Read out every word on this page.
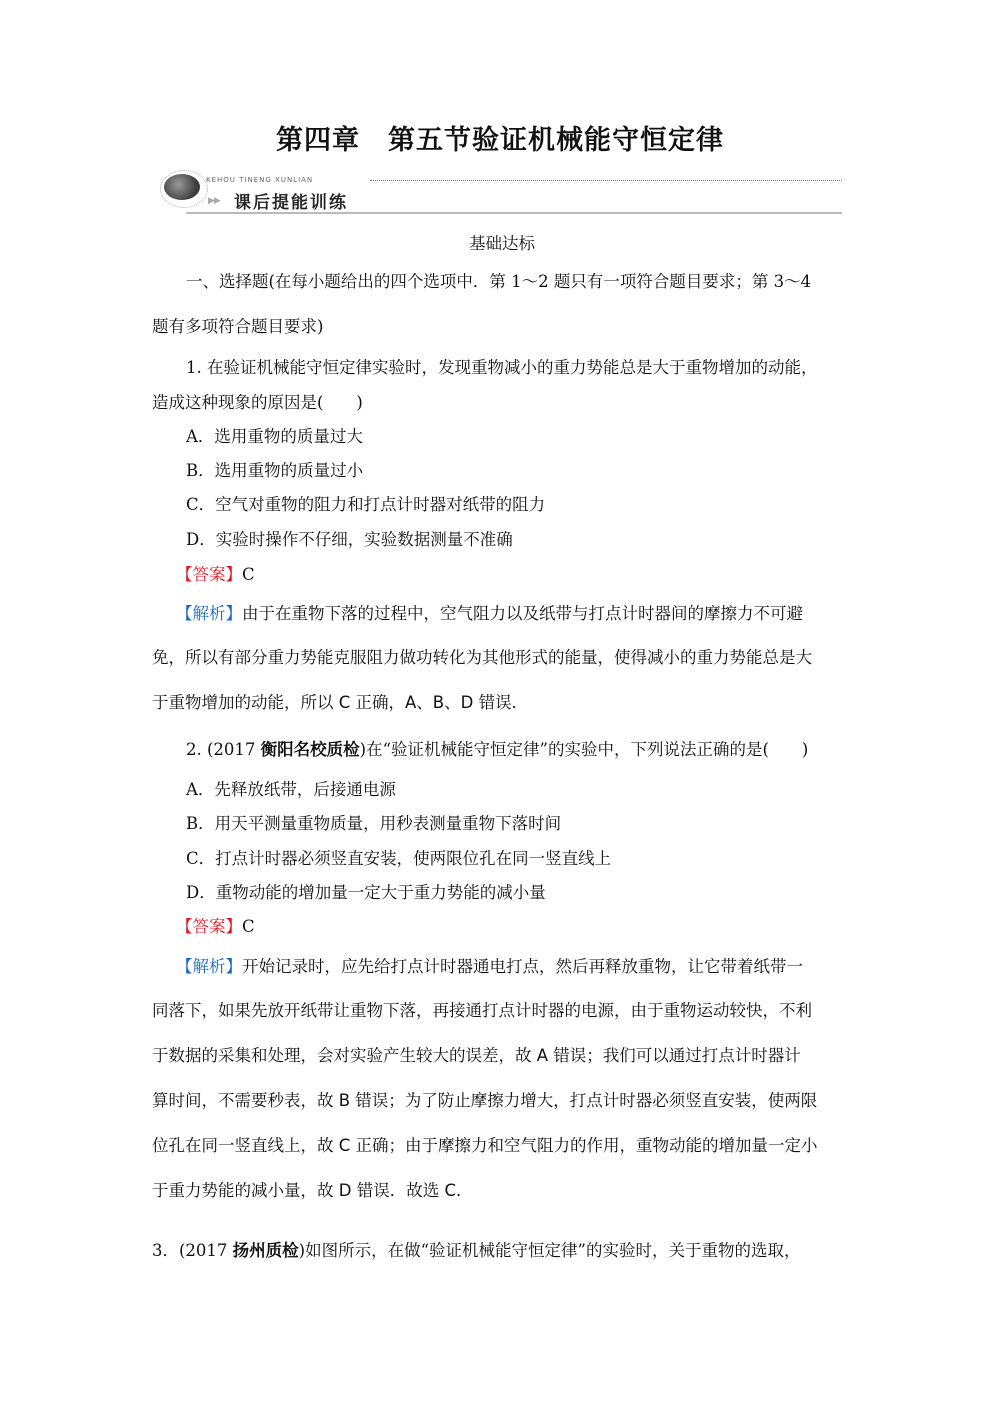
第四章　第五节验证机械能守恒定律
KEHOU TINENG XUNLIAN
▶▶ 课后提能训练
基础达标
一、选择题(在每小题给出的四个选项中．第 1～2 题只有一项符合题目要求；第 3～4
题有多项符合题目要求)
1. 在验证机械能守恒定律实验时，发现重物减小的重力势能总是大于重物增加的动能，
造成这种现象的原因是(　　)
A．选用重物的质量过大
B．选用重物的质量过小
C．空气对重物的阻力和打点计时器对纸带的阻力
D．实验时操作不仔细，实验数据测量不准确
【答案】C
【解析】由于在重物下落的过程中，空气阻力以及纸带与打点计时器间的摩擦力不可避
免，所以有部分重力势能克服阻力做功转化为其他形式的能量，使得减小的重力势能总是大
于重物增加的动能，所以 C 正确，A、B、D 错误．
2. (2017 衡阳名校质检)在“验证机械能守恒定律”的实验中，下列说法正确的是(　　)
A．先释放纸带，后接通电源
B．用天平测量重物质量，用秒表测量重物下落时间
C．打点计时器必须竖直安装，使两限位孔在同一竖直线上
D．重物动能的增加量一定大于重力势能的减小量
【答案】C
【解析】开始记录时，应先给打点计时器通电打点，然后再释放重物，让它带着纸带一
同落下，如果先放开纸带让重物下落，再接通打点计时器的电源，由于重物运动较快，不利
于数据的采集和处理，会对实验产生较大的误差，故 A 错误；我们可以通过打点计时器计
算时间，不需要秒表，故 B 错误；为了防止摩擦力增大，打点计时器必须竖直安装，使两限
位孔在同一竖直线上，故 C 正确；由于摩擦力和空气阻力的作用，重物动能的增加量一定小
于重力势能的减小量，故 D 错误．故选 C．
3．(2017 扬州质检)如图所示，在做“验证机械能守恒定律”的实验时，关于重物的选取，
